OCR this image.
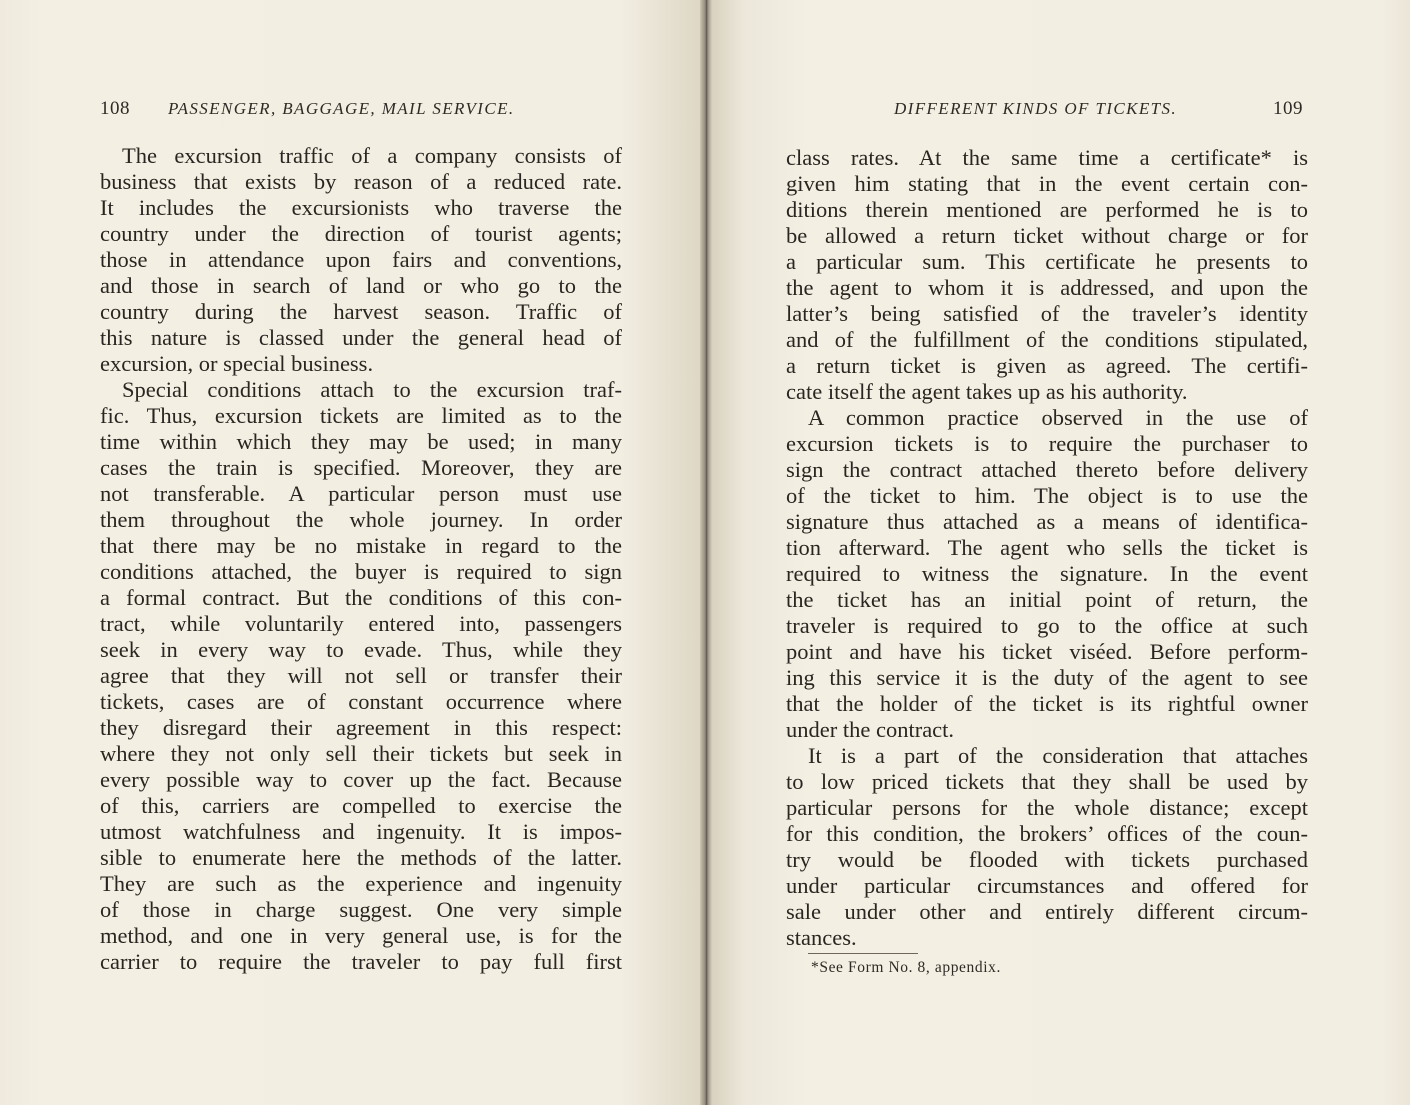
108 PASSENGER, BAGGAGE, MAIL SERVICE.
The excursion traffic of a company consists of
business that exists by reason of a reduced rate.
It includes the excursionists who traverse the
country under the direction of tourist agents;
those in attendance upon fairs and conventions,
and those in search of land or who go to the
country during the harvest season. Traffic of
this nature is classed under the general head of
excursion, or special business.
Special conditions attach to the excursion traf-
fic. Thus, excursion tickets are limited as to the
time within which they may be used; in many
cases the train is specified. Moreover, they are
not transferable. A particular person must use
them throughout the whole journey. In order
that there may be no mistake in regard to the
conditions attached, the buyer is required to sign
a formal contract. But the conditions of this con-
tract, while voluntarily entered into, passengers
seek in every way to evade. Thus, while they
agree that they will not sell or transfer their
tickets, cases are of constant occurrence where
they disregard their agreement in this respect:
where they not only sell their tickets but seek in
every possible way to cover up the fact. Because
of this, carriers are compelled to exercise the
utmost watchfulness and ingenuity. It is impos-
sible to enumerate here the methods of the latter.
They are such as the experience and ingenuity
of those in charge suggest. One very simple
method, and one in very general use, is for the
carrier to require the traveler to pay full first
DIFFERENT KINDS OF TICKETS.	109
class rates. At the same time a certificate* is
given him stating that in the event certain con-
ditions therein mentioned are performed he is to
be allowed a return ticket without charge or for
a particular sum. This certificate he presents to
the agent to whom it is addressed, and upon the
latter’s being satisfied of the traveler’s identity
and of the fulfillment of the conditions stipulated,
a return ticket is given as agreed. The certifi-
cate itself the agent takes up as his authority.
A common practice observed in the use of
excursion tickets is to require the purchaser to
sign the contract attached thereto before delivery
of the ticket to him. The object is to use the
signature thus attached as a means of identifica-
tion afterward. The agent who sells the ticket is
required to witness the signature. In the event
the ticket has an initial point of return, the
traveler is required to go to the office at such
point and have his ticket viséed. Before perform-
ing this service it is the duty of the agent to see
that the holder of the ticket is its rightful owner
under the contract.
It is a part of the consideration that attaches
to low priced tickets that they shall be used by
particular persons for the whole distance; except
for this condition, the brokers’ offices of the coun-
try would be flooded with tickets purchased
under particular circumstances and offered for
sale under other and entirely different circum-
stances.
*See Form No. 8, appendix.
